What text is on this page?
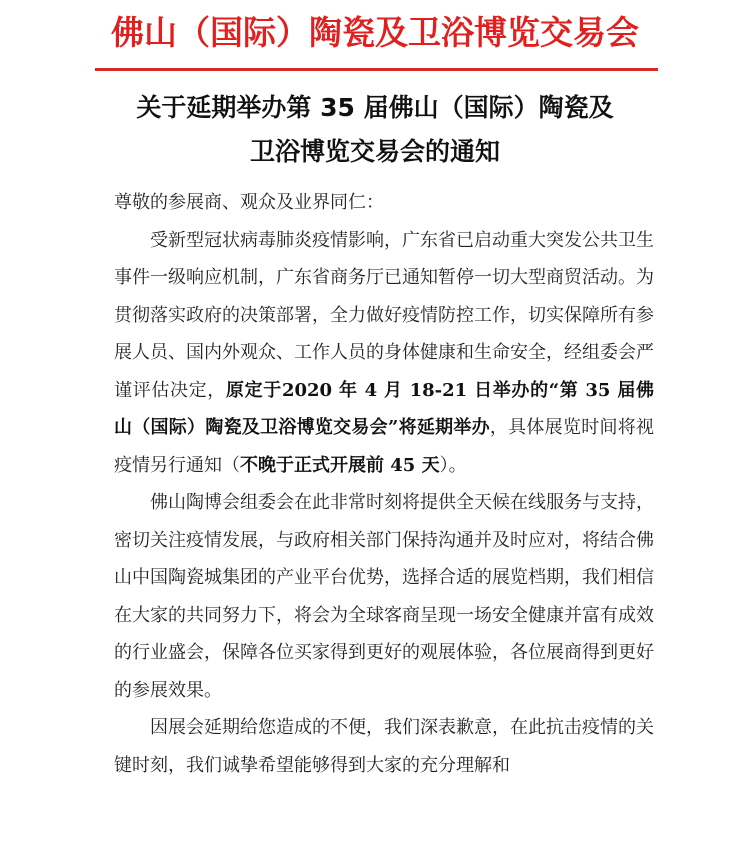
佛山（国际）陶瓷及卫浴博览交易会
关于延期举办第 35 届佛山（国际）陶瓷及
卫浴博览交易会的通知

尊敬的参展商、观众及业界同仁：

受新型冠状病毒肺炎疫情影响，广东省已启动重大突发公共卫生事件一级响应机制，广东省商务厅已通知暂停一切大型商贸活动。为贯彻落实政府的决策部署，全力做好疫情防控工作，切实保障所有参展人员、国内外观众、工作人员的身体健康和生命安全，经组委会严谨评估决定，原定于2020 年 4 月 18-21 日举办的“第 35 届佛山（国际）陶瓷及卫浴博览交易会”将延期举办，具体展览时间将视疫情另行通知（不晚于正式开展前 45 天）。

佛山陶博会组委会在此非常时刻将提供全天候在线服务与支持，密切关注疫情发展，与政府相关部门保持沟通并及时应对，将结合佛山中国陶瓷城集团的产业平台优势，选择合适的展览档期，我们相信在大家的共同努力下，将会为全球客商呈现一场安全健康并富有成效的行业盛会，保障各位买家得到更好的观展体验，各位展商得到更好的参展效果。

因展会延期给您造成的不便，我们深表歉意，在此抗击疫情的关键时刻，我们诚挚希望能够得到大家的充分理解和
